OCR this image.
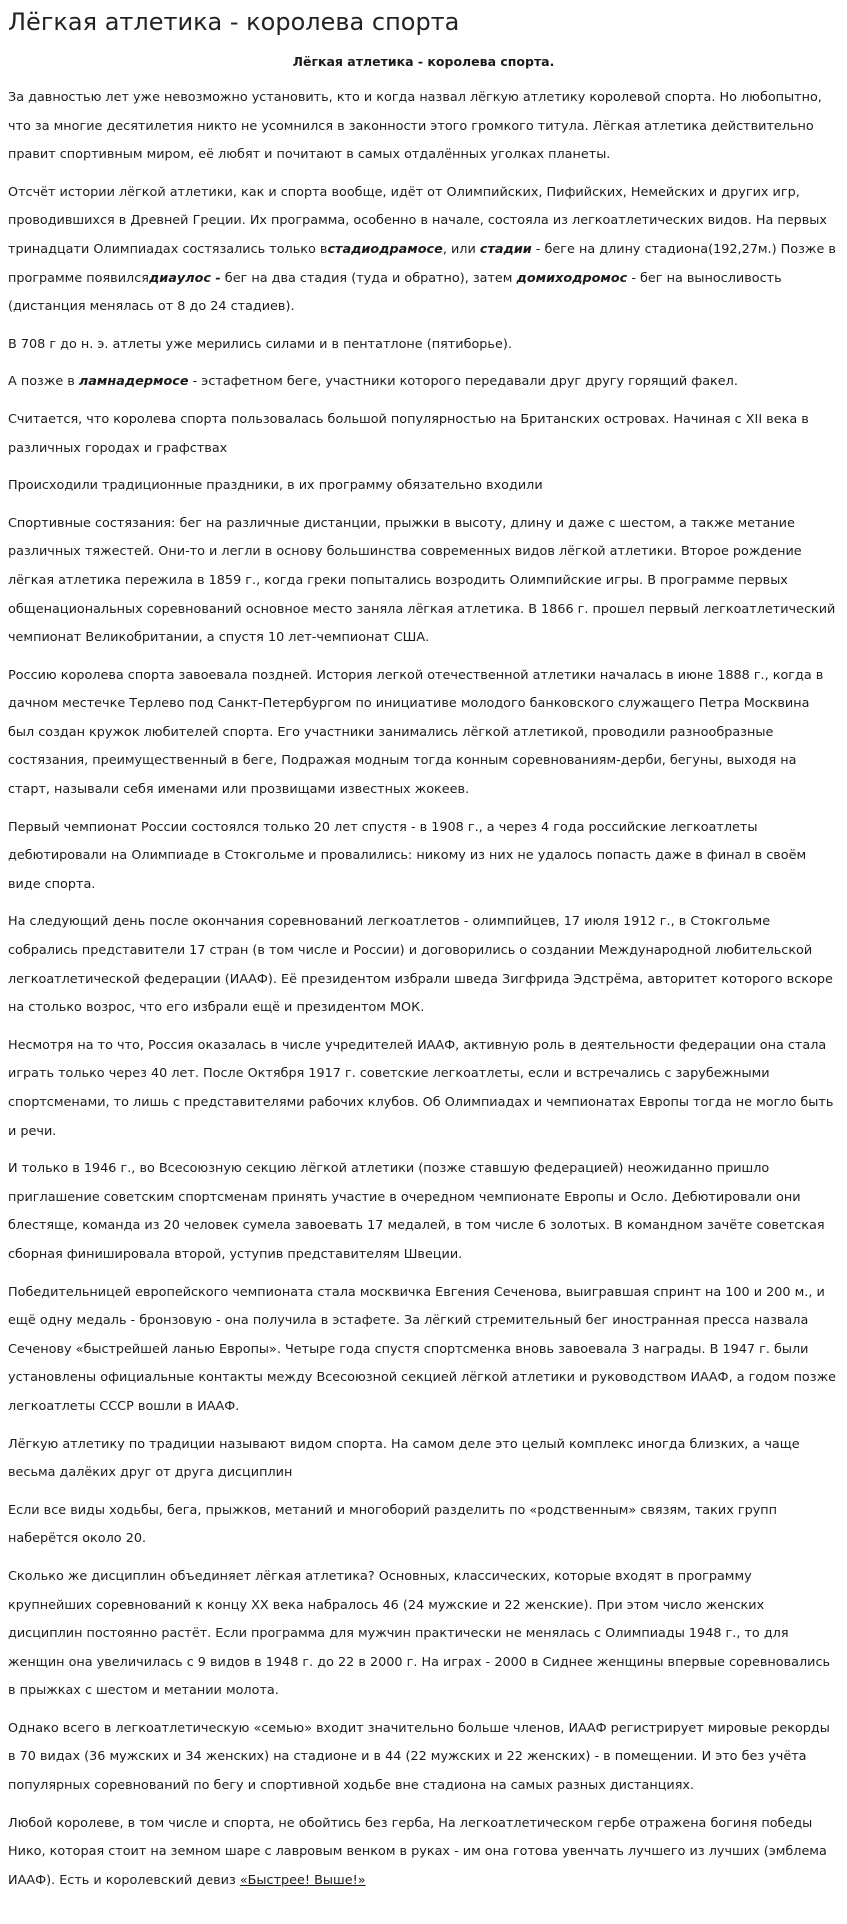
Лёгкая атлетика - королева спорта
Лёгкая атлетика - королева спорта.

За давностью лет уже невозможно установить, кто и когда назвал лёгкую атлетику королевой спорта. Но любопытно, что за многие десятилетия никто не усомнился в законности этого громкого титула. Лёгкая атлетика действительно правит спортивным миром, её любят и почитают в самых отдалённых уголках планеты.

Отсчёт истории лёгкой атлетики, как и спорта вообще, идёт от Олимпийских, Пифийских, Немейских и других игр, проводившихся в Древней Греции. Их программа, особенно в начале, состояла из легкоатлетических видов. На первых тринадцати Олимпиадах состязались только встадиодрамосе, или стадии - беге на длину стадиона(192,27м.) Позже в программе появилсядиаулос - бег на два стадия (туда и обратно), затем домиходромос - бег на выносливость (дистанция менялась от 8 до 24 стадиев).

В 708 г до н. э. атлеты уже мерились силами и в пентатлоне (пятиборье).

А позже в ламнадермосе - эстафетном беге, участники которого передавали друг другу горящий факел.

Считается, что королева спорта пользовалась большой популярностью на Британских островах. Начиная с XII века в различных городах и графствах

Происходили традиционные праздники, в их программу обязательно входили

Спортивные состязания: бег на различные дистанции, прыжки в высоту, длину и даже с шестом, а также метание различных тяжестей. Они-то и легли в основу большинства современных видов лёгкой атлетики. Второе рождение лёгкая атлетика пережила в 1859 г., когда греки попытались возродить Олимпийские игры. В программе первых общенациональных соревнований основное место заняла лёгкая атлетика. В 1866 г. прошел первый легкоатлетический чемпионат Великобритании, а спустя 10 лет-чемпионат США.

Россию королева спорта завоевала поздней. История легкой отечественной атлетики началась в июне 1888 г., когда в дачном местечке Терлево под Санкт-Петербургом по инициативе молодого банковского служащего Петра Москвина был создан кружок любителей спорта. Его участники занимались лёгкой атлетикой, проводили разнообразные состязания, преимущественный в беге, Подражая модным тогда конным соревнованиям-дерби, бегуны, выходя на старт, называли себя именами или прозвищами известных жокеев.

Первый чемпионат России состоялся только 20 лет спустя - в 1908 г., а через 4 года российские легкоатлеты дебютировали на Олимпиаде в Стокгольме и провалились: никому из них не удалось попасть даже в финал в своём виде спорта.

На следующий день после окончания соревнований легкоатлетов - олимпийцев, 17 июля 1912 г., в Стокгольме собрались представители 17 стран (в том числе и России) и договорились о создании Международной любительской легкоатлетической федерации (ИААФ). Её президентом избрали шведа Зигфрида Эдстрёма, авторитет которого вскоре на столько возрос, что его избрали ещё и президентом МОК.

Несмотря на то что, Россия оказалась в числе учредителей ИААФ, активную роль в деятельности федерации она стала играть только через 40 лет. После Октября 1917 г. советские легкоатлеты, если и встречались с зарубежными спортсменами, то лишь с представителями рабочих клубов. Об Олимпиадах и чемпионатах Европы тогда не могло быть и речи.

И только в 1946 г., во Всесоюзную секцию лёгкой атлетики (позже ставшую федерацией) неожиданно пришло приглашение советским спортсменам принять участие в очередном чемпионате Европы и Осло. Дебютировали они блестяще, команда из 20 человек сумела завоевать 17 медалей, в том числе 6 золотых. В командном зачёте советская сборная финишировала второй, уступив представителям Швеции.

Победительницей европейского чемпионата стала москвичка Евгения Сеченова, выигравшая спринт на 100 и 200 м., и ещё одну медаль - бронзовую - она получила в эстафете. За лёгкий стремительный бег иностранная пресса назвала Сеченову «быстрейшей ланью Европы». Четыре года спустя спортсменка вновь завоевала 3 награды. В 1947 г. были установлены официальные контакты между Всесоюзной секцией лёгкой атлетики и руководством ИААФ, а годом позже легкоатлеты СССР вошли в ИААФ.

Лёгкую атлетику по традиции называют видом спорта. На самом деле это целый комплекс иногда близких, а чаще весьма далёких друг от друга дисциплин

Если все виды ходьбы, бега, прыжков, метаний и многоборий разделить по «родственным» связям, таких групп наберётся около 20.

Сколько же дисциплин объединяет лёгкая атлетика? Основных, классических, которые входят в программу крупнейших соревнований к концу XX века набралось 46 (24 мужские и 22 женские). При этом число женских дисциплин постоянно растёт. Если программа для мужчин практически не менялась с Олимпиады 1948 г., то для женщин она увеличилась с 9 видов в 1948 г. до 22 в 2000 г. На играх - 2000 в Сиднее женщины впервые соревновались в прыжках с шестом и метании молота.

Однако всего в легкоатлетическую «семью» входит значительно больше членов, ИААФ регистрирует мировые рекорды в 70 видах (36 мужских и 34 женских) на стадионе и в 44 (22 мужских и 22 женских) - в помещении. И это без учёта популярных соревнований по бегу и спортивной ходьбе вне стадиона на самых разных дистанциях.

Любой королеве, в том числе и спорта, не обойтись без герба, На легкоатлетическом гербе отражена богиня победы Нико, которая стоит на земном шаре с лавровым венком в руках - им она готова увенчать лучшего из лучших (эмблема ИААФ). Есть и королевский девиз «Быстрее! Выше!»
